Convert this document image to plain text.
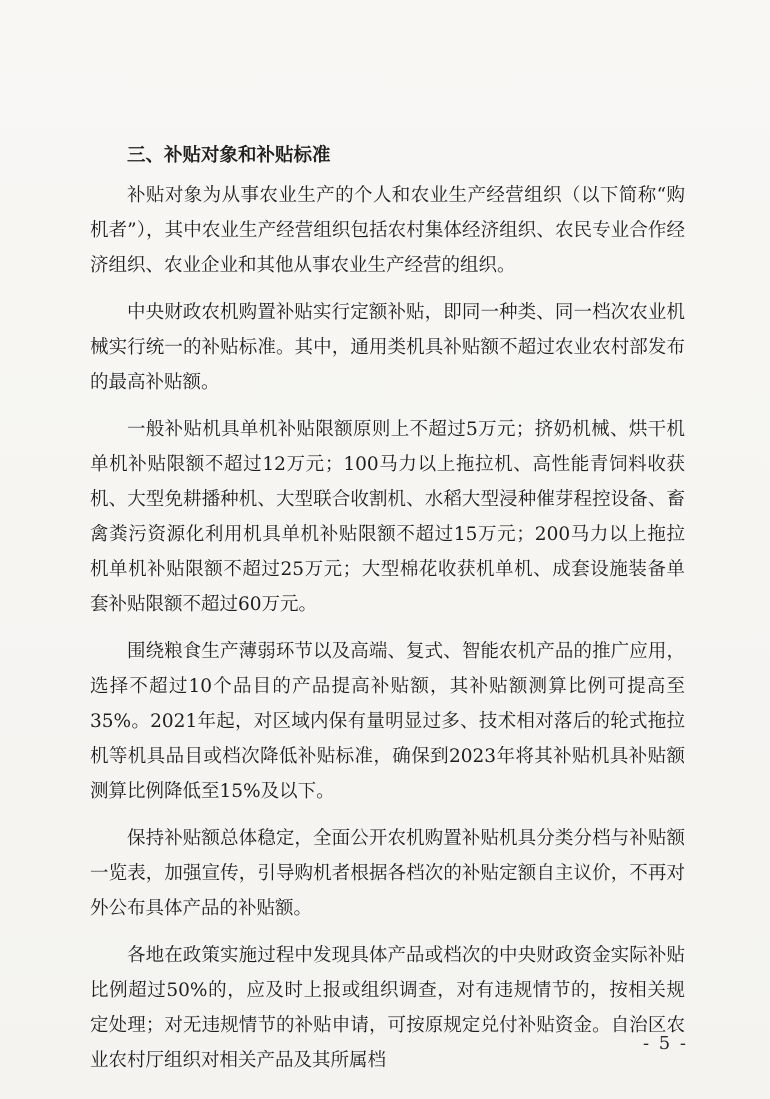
三、补贴对象和补贴标准

补贴对象为从事农业生产的个人和农业生产经营组织（以下简称“购机者”），其中农业生产经营组织包括农村集体经济组织、农民专业合作经济组织、农业企业和其他从事农业生产经营的组织。

中央财政农机购置补贴实行定额补贴，即同一种类、同一档次农业机械实行统一的补贴标准。其中，通用类机具补贴额不超过农业农村部发布的最高补贴额。

一般补贴机具单机补贴限额原则上不超过5万元；挤奶机械、烘干机单机补贴限额不超过12万元；100马力以上拖拉机、高性能青饲料收获机、大型免耕播种机、大型联合收割机、水稻大型浸种催芽程控设备、畜禽粪污资源化利用机具单机补贴限额不超过15万元；200马力以上拖拉机单机补贴限额不超过25万元；大型棉花收获机单机、成套设施装备单套补贴限额不超过60万元。

围绕粮食生产薄弱环节以及高端、复式、智能农机产品的推广应用，选择不超过10个品目的产品提高补贴额，其补贴额测算比例可提高至35%。2021年起，对区域内保有量明显过多、技术相对落后的轮式拖拉机等机具品目或档次降低补贴标准，确保到2023年将其补贴机具补贴额测算比例降低至15%及以下。

保持补贴额总体稳定，全面公开农机购置补贴机具分类分档与补贴额一览表，加强宣传，引导购机者根据各档次的补贴定额自主议价，不再对外公布具体产品的补贴额。

各地在政策实施过程中发现具体产品或档次的中央财政资金实际补贴比例超过50%的，应及时上报或组织调查，对有违规情节的，按相关规定处理；对无违规情节的补贴申请，可按原规定兑付补贴资金。自治区农业农村厅组织对相关产品及其所属档

- 5 -
